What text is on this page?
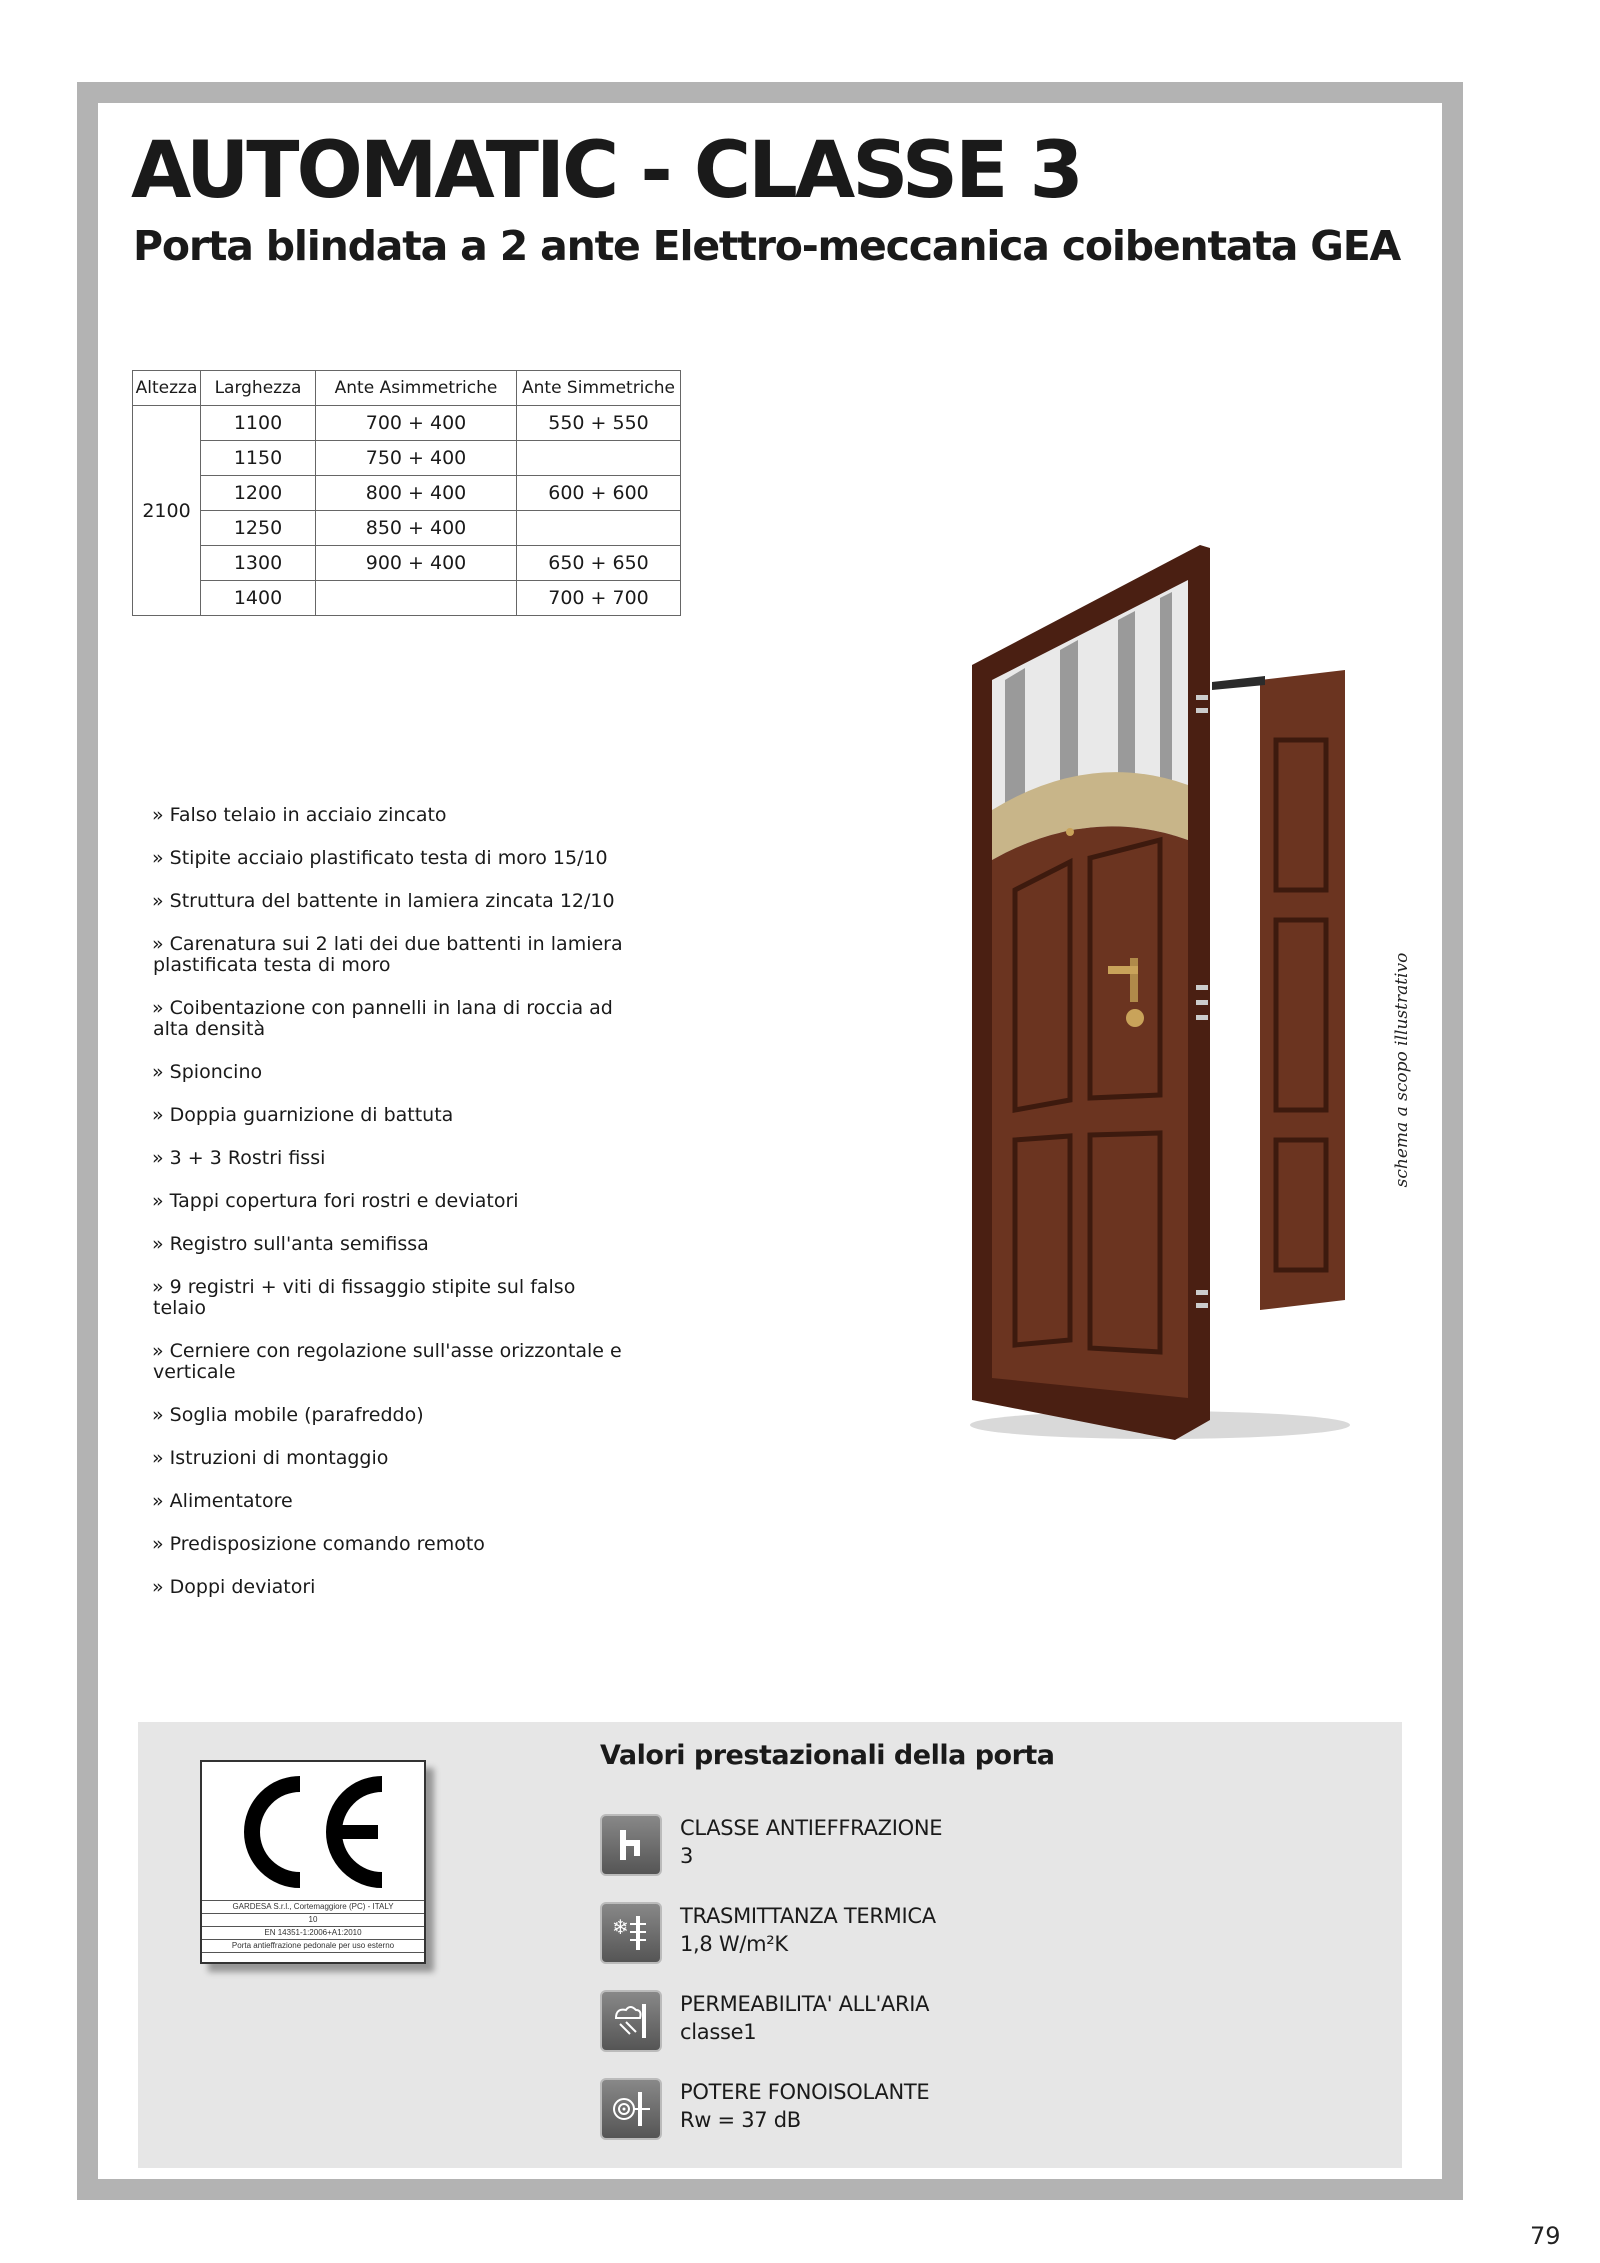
AUTOMATIC - CLASSE 3
Porta blindata a 2 ante Elettro-meccanica coibentata GEA
Altezza	Larghezza	Ante Asimmetriche	Ante Simmetriche
2100	1100	700 + 400	550 + 550
	1150	750 + 400	
	1200	800 + 400	600 + 600
	1250	850 + 400	
	1300	900 + 400	650 + 650
	1400		700 + 700
» Falso telaio in acciaio zincato
» Stipite acciaio plastificato testa di moro 15/10
» Struttura del battente in lamiera zincata 12/10
» Carenatura sui 2 lati dei due battenti in lamiera plastificata testa di moro
» Coibentazione con pannelli in lana di roccia ad alta densità
» Spioncino
» Doppia guarnizione di battuta
» 3 + 3 Rostri fissi
» Tappi copertura fori rostri e deviatori
» Registro sull'anta semifissa
» 9 registri + viti di fissaggio stipite sul falso telaio
» Cerniere con regolazione sull'asse orizzontale e verticale
» Soglia mobile (parafreddo)
» Istruzioni di montaggio
» Alimentatore
» Predisposizione comando remoto
» Doppi deviatori
schema a scopo illustrativo
GARDESA S.r.l., Cortemaggiore (PC) - ITALY
10
EN 14351-1:2006+A1:2010
Porta antieffrazione pedonale per uso esterno
Valori prestazionali della porta
CLASSE ANTIEFFRAZIONE
3
❄ TRASMITTANZA TERMICA
1,8 W/m²K
PERMEABILITA' ALL'ARIA
classe1
POTERE FONOISOLANTE
Rw = 37 dB
79
